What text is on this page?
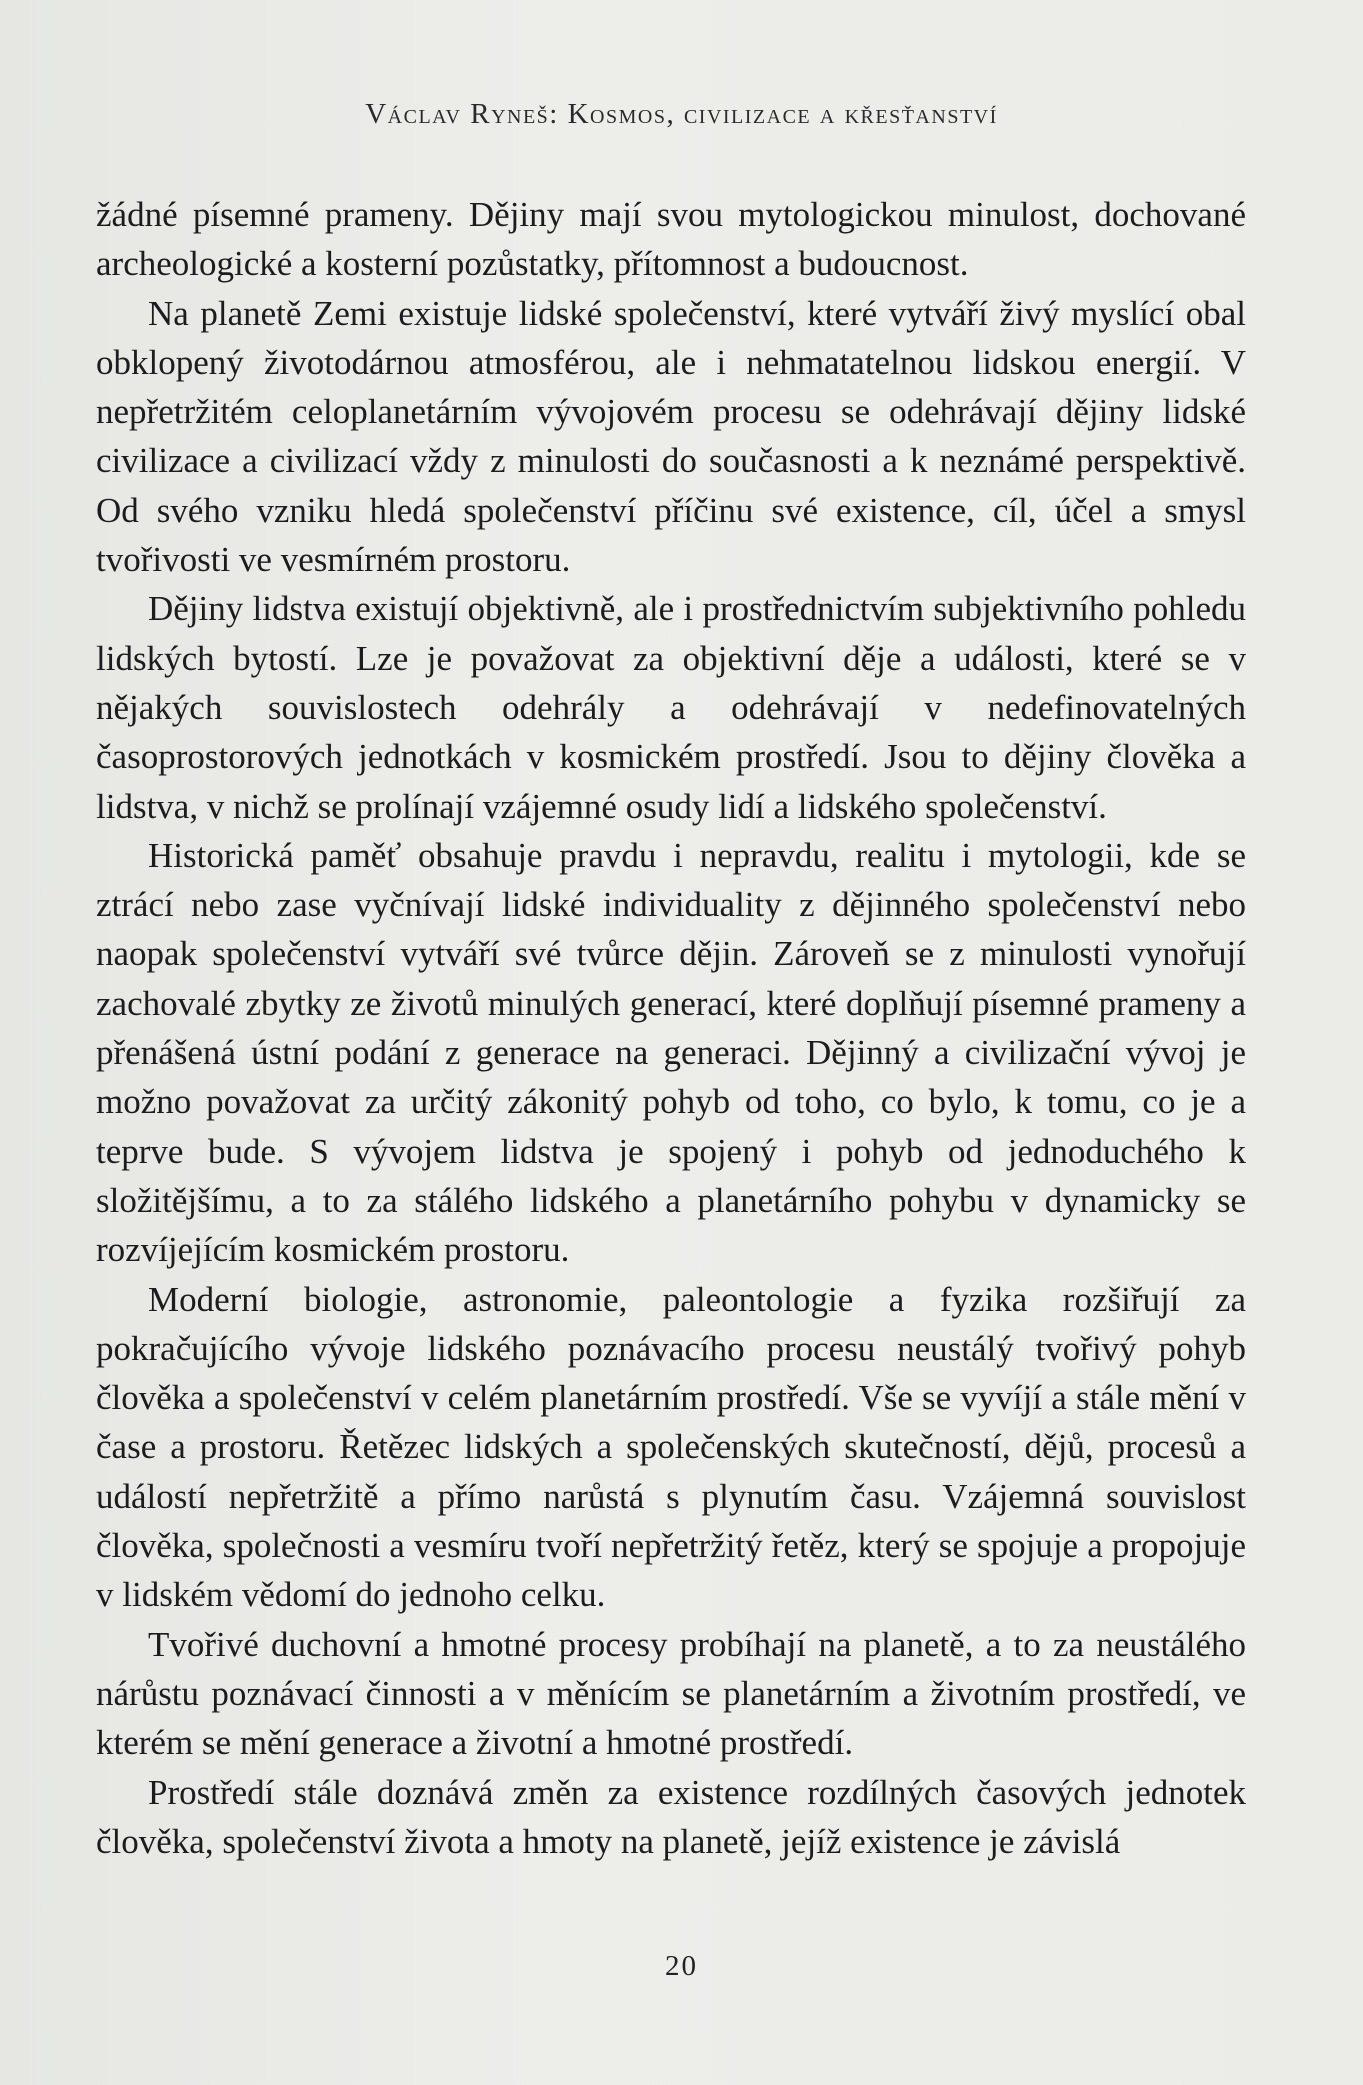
Václav Ryneš: Kosmos, civilizace a křesťanství

žádné písemné prameny. Dějiny mají svou mytologickou minulost, dochované archeologické a kosterní pozůstatky, přítomnost a budoucnost.

Na planetě Zemi existuje lidské společenství, které vytváří živý myslící obal obklopený životodárnou atmosférou, ale i nehmatatelnou lidskou energií. V nepřetržitém celoplanetárním vývojovém procesu se odehrávají dějiny lidské civilizace a civilizací vždy z minulosti do současnosti a k neznámé perspektivě. Od svého vzniku hledá společenství příčinu své existence, cíl, účel a smysl tvořivosti ve vesmírném prostoru.

Dějiny lidstva existují objektivně, ale i prostřednictvím subjektivního pohledu lidských bytostí. Lze je považovat za objektivní děje a události, které se v nějakých souvislostech odehrály a odehrávají v nedefinovatelných časoprostorových jednotkách v kosmickém prostředí. Jsou to dějiny člověka a lidstva, v nichž se prolínají vzájemné osudy lidí a lidského společenství.

Historická paměť obsahuje pravdu i nepravdu, realitu i mytologii, kde se ztrácí nebo zase vyčnívají lidské individuality z dějinného společenství nebo naopak společenství vytváří své tvůrce dějin. Zároveň se z minulosti vynořují zachovalé zbytky ze životů minulých generací, které doplňují písemné prameny a přenášená ústní podání z generace na generaci. Dějinný a civilizační vývoj je možno považovat za určitý zákonitý pohyb od toho, co bylo, k tomu, co je a teprve bude. S vývojem lidstva je spojený i pohyb od jednoduchého k složitějšímu, a to za stálého lidského a planetárního pohybu v dynamicky se rozvíjejícím kosmickém prostoru.

Moderní biologie, astronomie, paleontologie a fyzika rozšiřují za pokračujícího vývoje lidského poznávacího procesu neustálý tvořivý pohyb člověka a společenství v celém planetárním prostředí. Vše se vyvíjí a stále mění v čase a prostoru. Řetězec lidských a společenských skutečností, dějů, procesů a událostí nepřetržitě a přímo narůstá s plynutím času. Vzájemná souvislost člověka, společnosti a vesmíru tvoří nepřetržitý řetěz, který se spojuje a propojuje v lidském vědomí do jednoho celku.

Tvořivé duchovní a hmotné procesy probíhají na planetě, a to za neustálého nárůstu poznávací činnosti a v měnícím se planetárním a životním prostředí, ve kterém se mění generace a životní a hmotné prostředí.

Prostředí stále doznává změn za existence rozdílných časových jednotek člověka, společenství života a hmoty na planetě, jejíž existence je závislá

20
